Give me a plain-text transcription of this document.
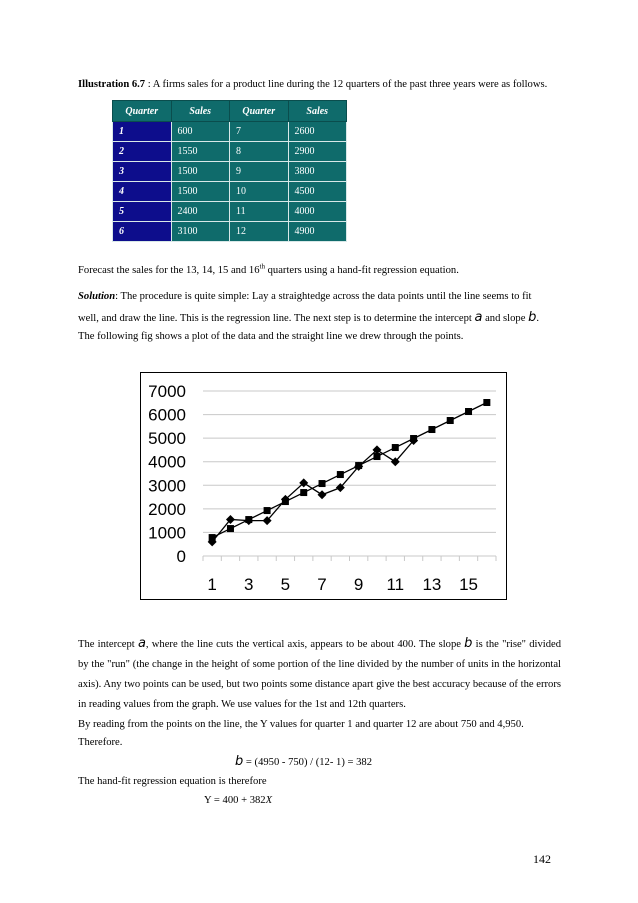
Illustration 6.7 : A firms sales for a product line during the 12 quarters of the past three years were as follows.
Quarter	Sales	Quarter	Sales
1	600	7	2600
2	1550	8	2900
3	1500	9	3800
4	1500	10	4500
5	2400	11	4000
6	3100	12	4900
Forecast the sales for the 13, 14, 15 and 16th quarters using a hand-fit regression equation.
Solution: The procedure is quite simple: Lay a straightedge across the data points until the line seems to fit
well, and draw the line. This is the regression line. The next step is to determine the intercept a and slope b.
The following fig shows a plot of the data and the straight line we drew through the points.
0
1000
2000
3000
4000
5000
6000
7000
1 3 5 7 9 11 13 15
The intercept a, where the line cuts the vertical axis, appears to be about 400. The slope b is the "rise" divided by the "run" (the change in the height of some portion of the line divided by the number of units in the horizontal axis). Any two points can be used, but two points some distance apart give the best accuracy because of the errors in reading values from the graph. We use values for the 1st and 12th quarters.
By reading from the points on the line, the Y values for quarter 1 and quarter 12 are about 750 and 4,950.
Therefore.
b = (4950 - 750) / (12- 1) = 382
The hand-fit regression equation is therefore
Y = 400 + 382X
142
